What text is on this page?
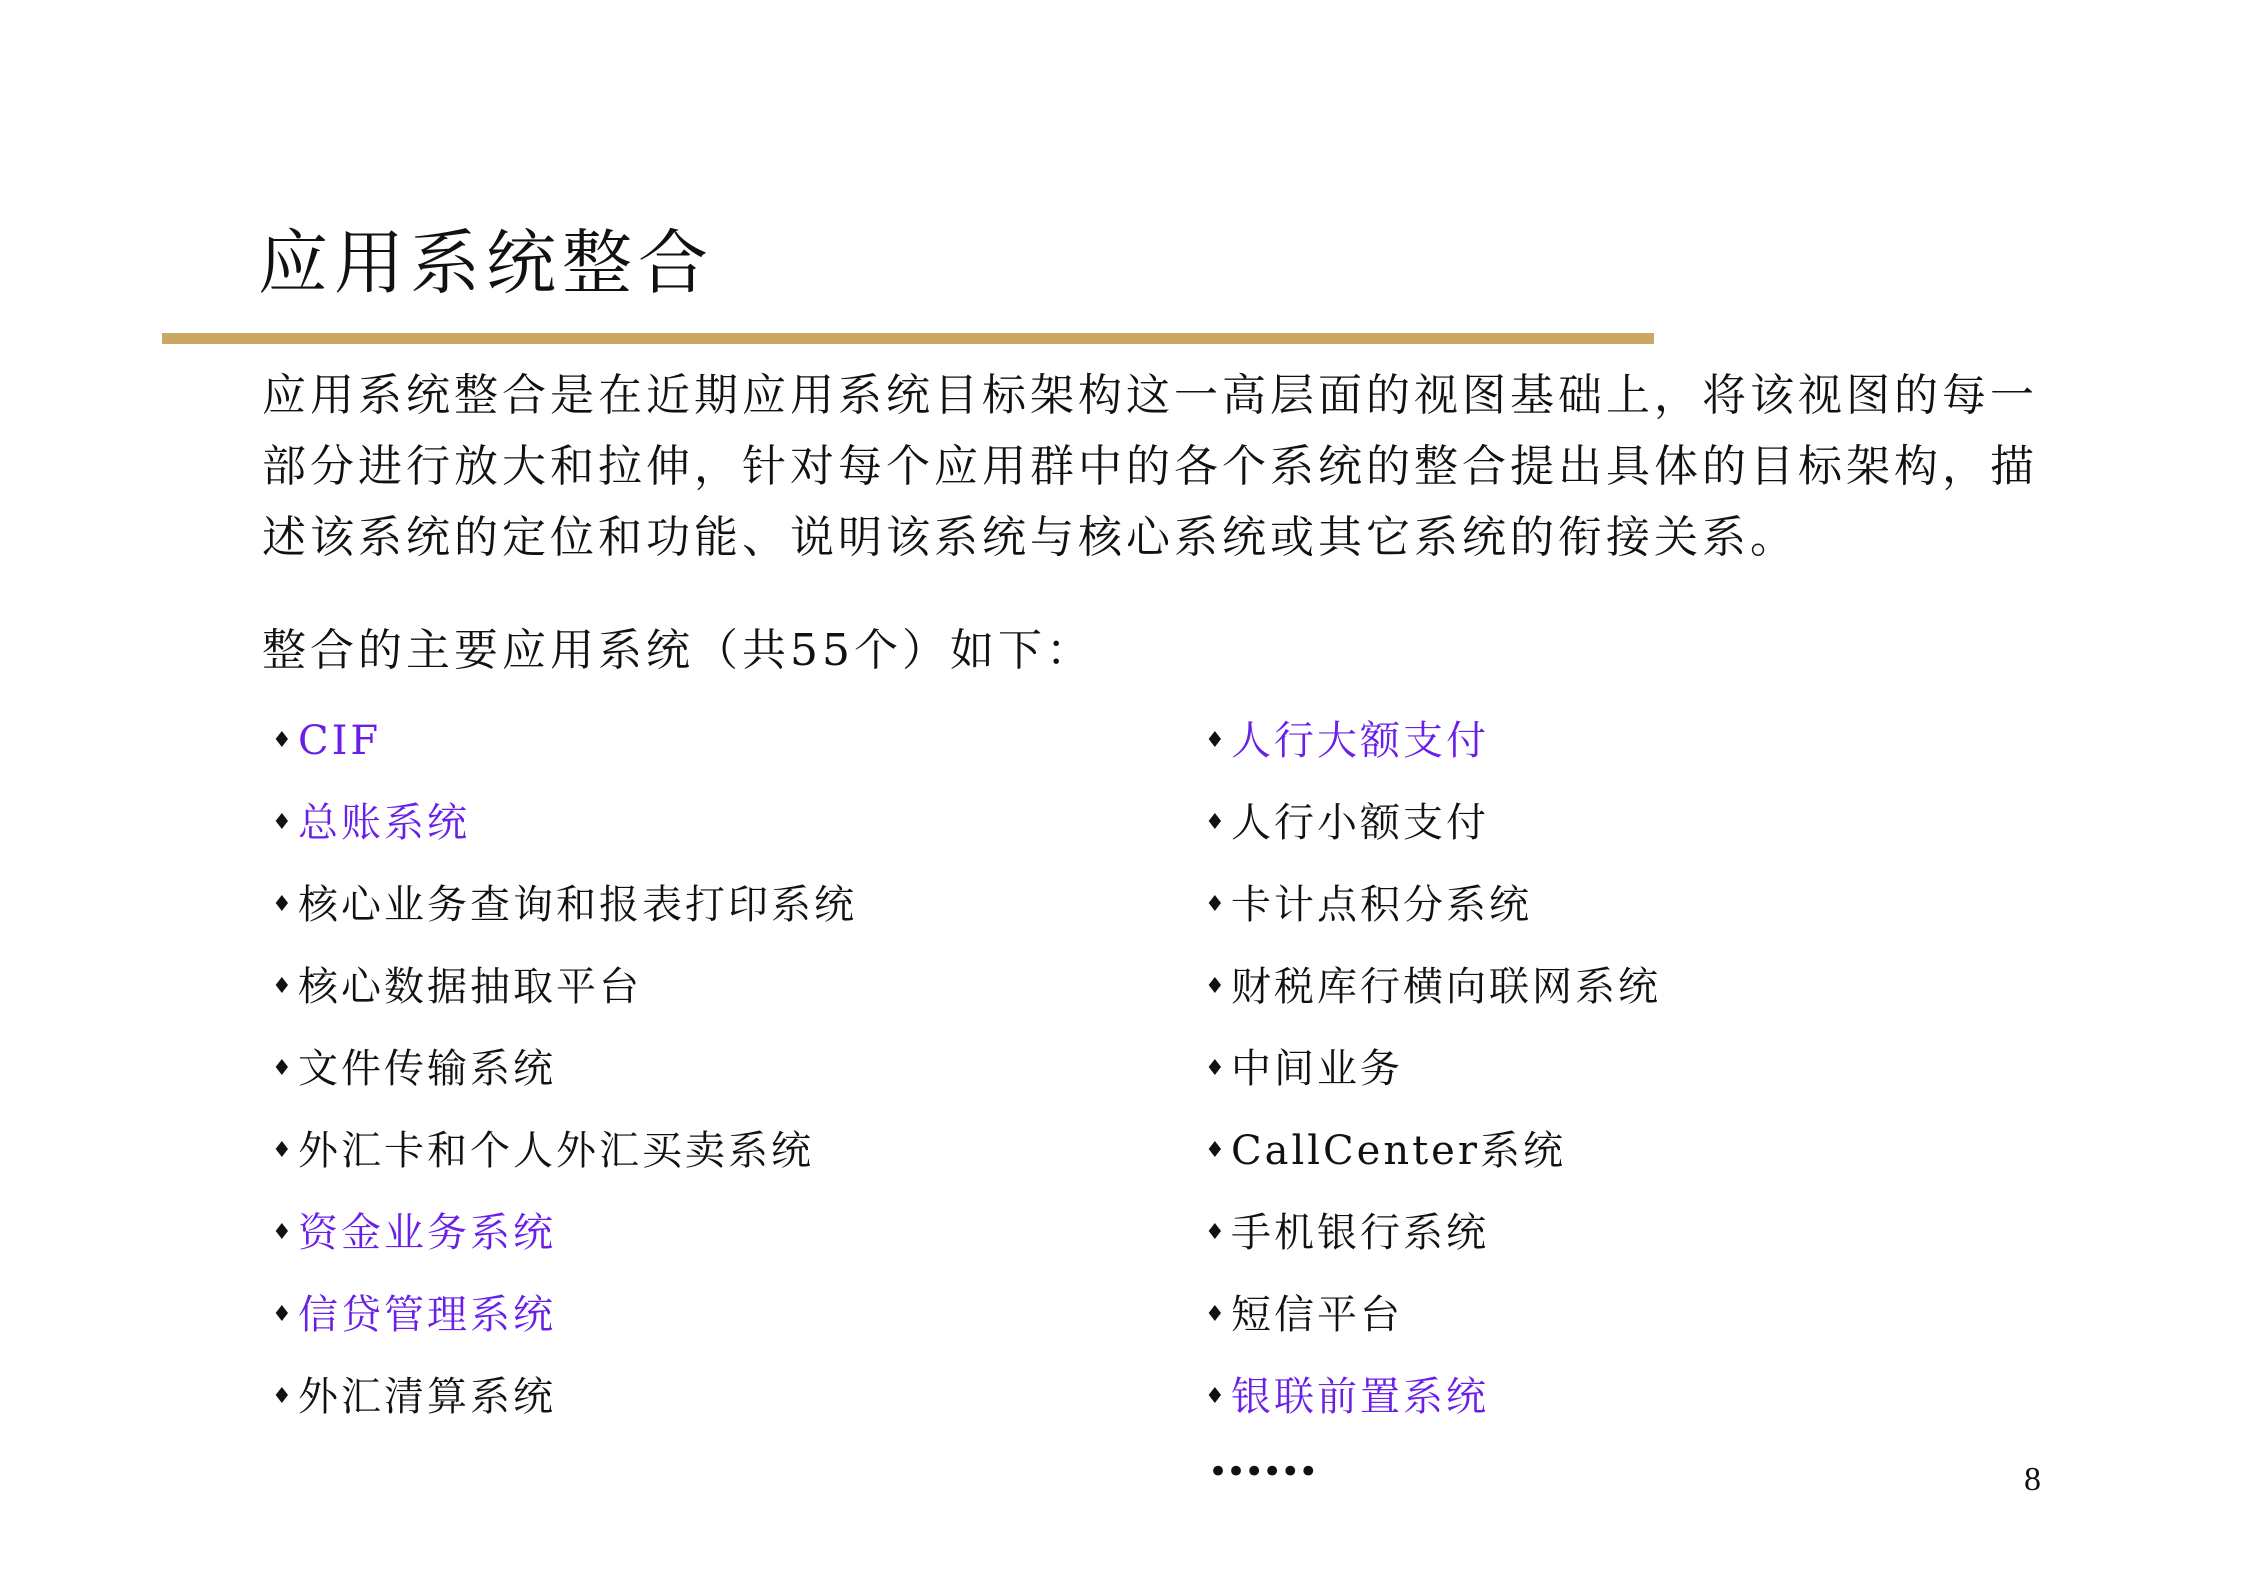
应用系统整合
应用系统整合是在近期应用系统目标架构这一高层面的视图基础上，将该视图的每一
部分进行放大和拉伸，针对每个应用群中的各个系统的整合提出具体的目标架构，描
述该系统的定位和功能、说明该系统与核心系统或其它系统的衔接关系。
整合的主要应用系统（共55个）如下：
♦ CIF
♦ 总账系统
♦ 核心业务查询和报表打印系统
♦ 核心数据抽取平台
♦ 文件传输系统
♦ 外汇卡和个人外汇买卖系统
♦ 资金业务系统
♦ 信贷管理系统
♦ 外汇清算系统
♦ 人行大额支付
♦ 人行小额支付
♦ 卡计点积分系统
♦ 财税库行横向联网系统
♦ 中间业务
♦ CallCenter系统
♦ 手机银行系统
♦ 短信平台
♦ 银联前置系统
••••••	8
